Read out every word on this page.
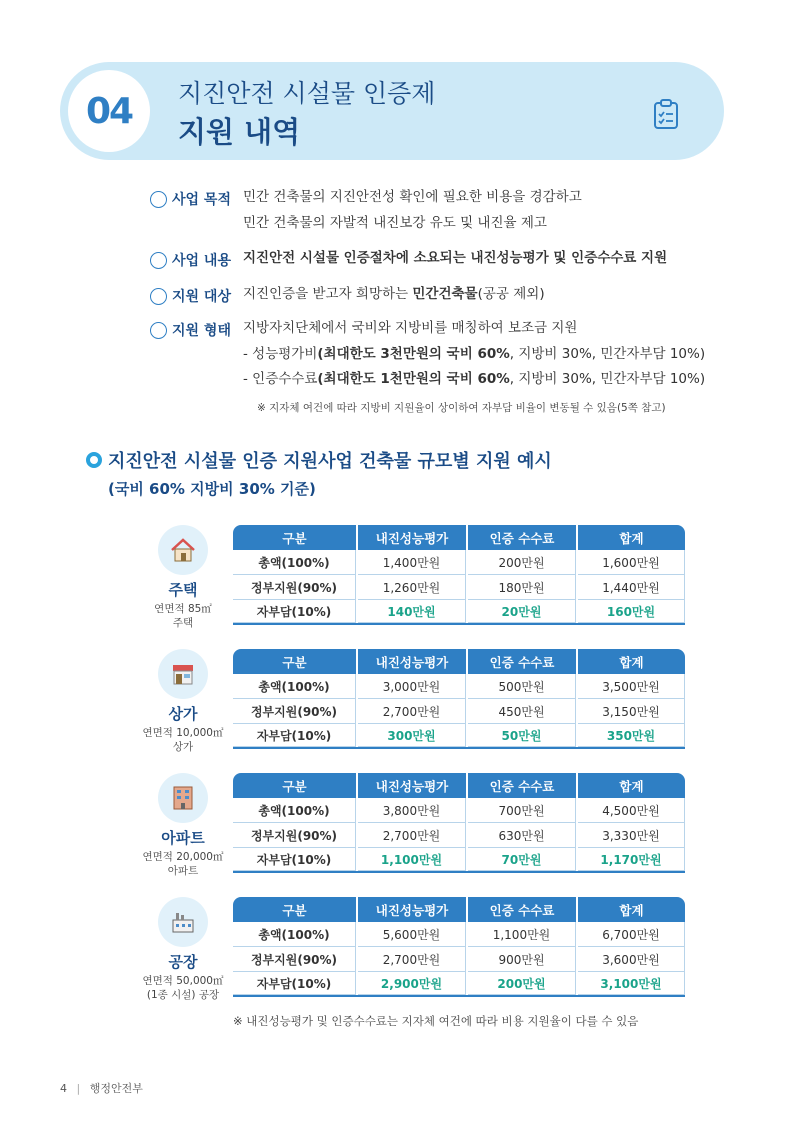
04 지진안전 시설물 인증제
지원 내역
사업 목적 민간 건축물의 지진안전성 확인에 필요한 비용을 경감하고
민간 건축물의 자발적 내진보강 유도 및 내진율 제고
사업 내용 지진안전 시설물 인증절차에 소요되는 내진성능평가 및 인증수수료 지원
지원 대상 지진인증을 받고자 희망하는 민간건축물(공공 제외)
지원 형태 지방자치단체에서 국비와 지방비를 매칭하여 보조금 지원
- 성능평가비(최대한도 3천만원의 국비 60%, 지방비 30%, 민간자부담 10%)
- 인증수수료(최대한도 1천만원의 국비 60%, 지방비 30%, 민간자부담 10%)
※ 지자체 여건에 따라 지방비 지원율이 상이하여 자부담 비율이 변동될 수 있음(5쪽 참고)
지진안전 시설물 인증 지원사업 건축물 규모별 지원 예시
(국비 60% 지방비 30% 기준)
주택
연면적 85㎡
주택
구분	내진성능평가	인증 수수료	합계
총액(100%)	1,400만원	200만원	1,600만원
정부지원(90%)	1,260만원	180만원	1,440만원
자부담(10%)	140만원	20만원	160만원
상가
연면적 10,000㎡
상가
구분	내진성능평가	인증 수수료	합계
총액(100%)	3,000만원	500만원	3,500만원
정부지원(90%)	2,700만원	450만원	3,150만원
자부담(10%)	300만원	50만원	350만원
아파트
연면적 20,000㎡
아파트
구분	내진성능평가	인증 수수료	합계
총액(100%)	3,800만원	700만원	4,500만원
정부지원(90%)	2,700만원	630만원	3,330만원
자부담(10%)	1,100만원	70만원	1,170만원
공장
연면적 50,000㎡
(1종 시설) 공장
구분	내진성능평가	인증 수수료	합계
총액(100%)	5,600만원	1,100만원	6,700만원
정부지원(90%)	2,700만원	900만원	3,600만원
자부담(10%)	2,900만원	200만원	3,100만원
※ 내진성능평가 및 인증수수료는 지자체 여건에 따라 비용 지원율이 다를 수 있음
4 | 행정안전부
